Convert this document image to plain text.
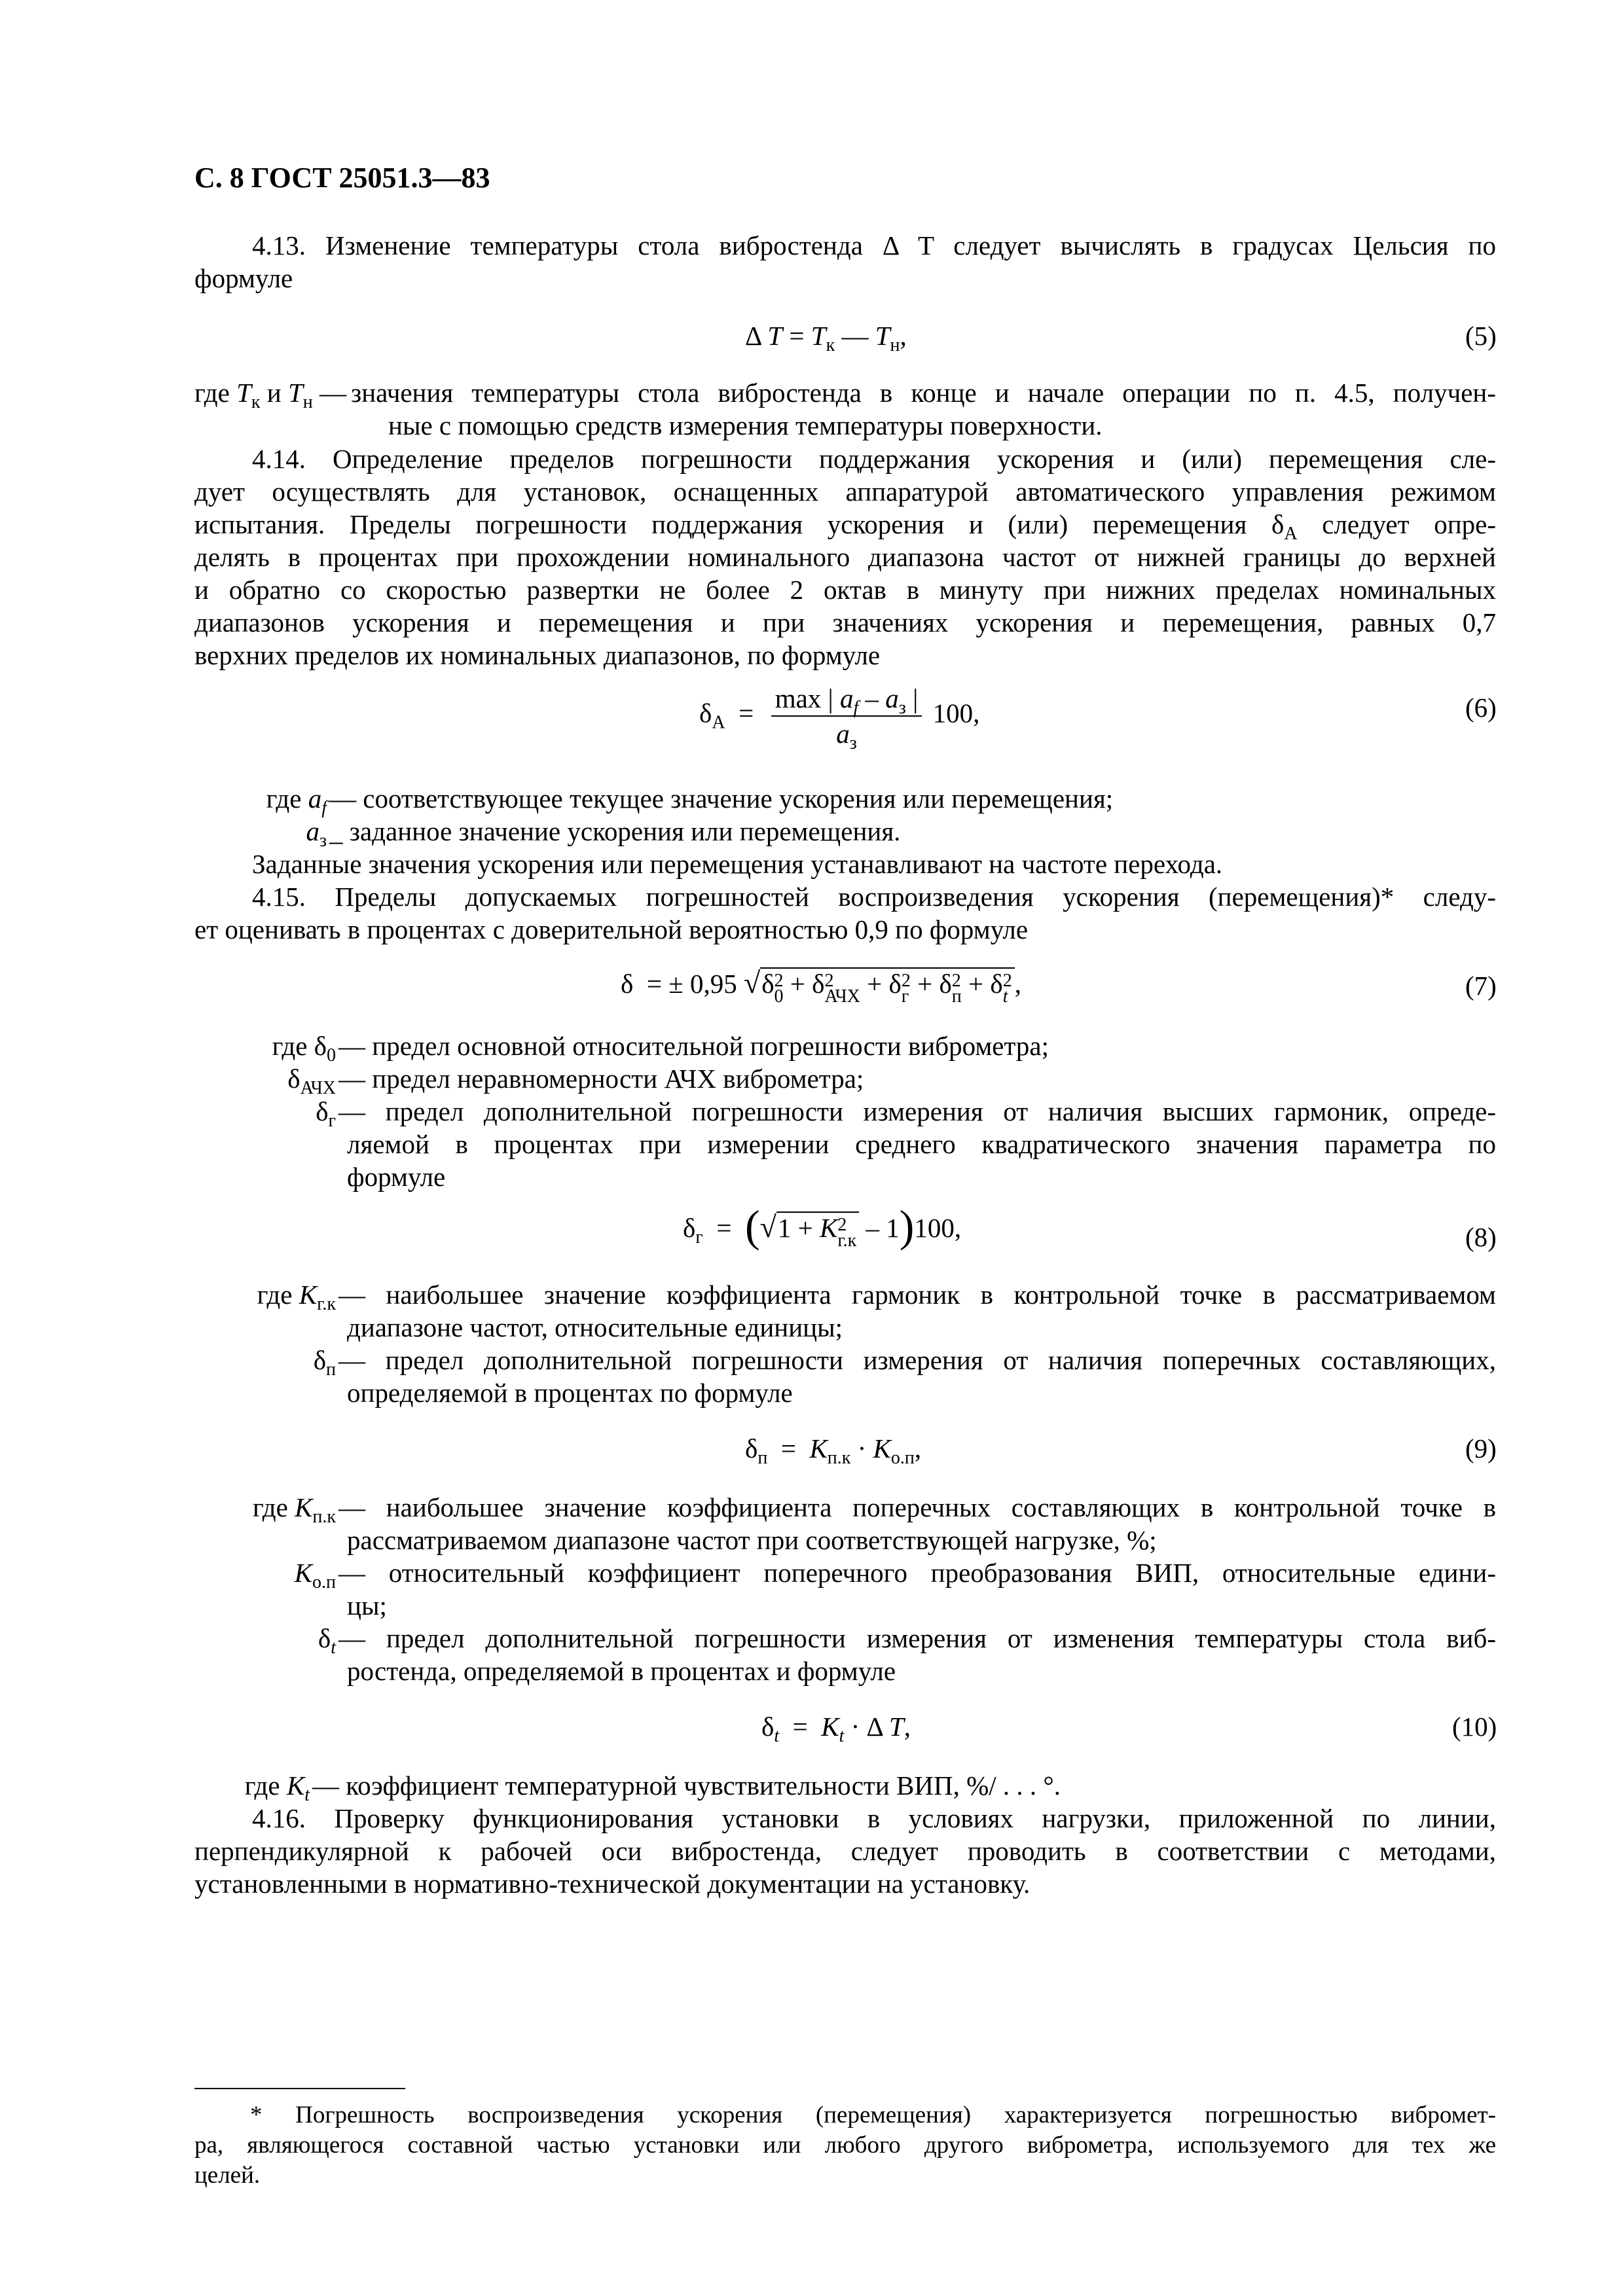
С. 8 ГОСТ 25051.3—83
4.13. Изменение температуры стола вибростенда Δ T следует вычислять в градусах Цельсия по
формуле
Δ $T = T_к$ — $T_н$,	(5)
где $T_к$ и $T_н$ — значения температуры стола вибростенда в конце и начале операции по п. 4.5, получен-
ные с помощью средств измерения температуры поверхности.
4.14. Определение пределов погрешности поддержания ускорения и (или) перемещения сле-
дует осуществлять для установок, оснащенных аппаратурой автоматического управления режимом
испытания. Пределы погрешности поддержания ускорения и (или) перемещения $\delta_А$ следует опре-
делять в процентах при прохождении номинального диапазона частот от нижней границы до верхней
и обратно со скоростью развертки не более 2 октав в минуту при нижних пределах номинальных
диапазонов ускорения и перемещения и при значениях ускорения и перемещения, равных 0,7
верхних пределов их номинальных диапазонов, по формуле
$\delta_А = \frac{\max | a_f - a_з |}{a_з} 100$,	(6)
где $a_f$ — соответствующее текущее значение ускорения или перемещения;
$a_з$ _ заданное значение ускорения или перемещения.
Заданные значения ускорения или перемещения устанавливают на частоте перехода.
4.15. Пределы допускаемых погрешностей воспроизведения ускорения (перемещения)* следу-
ет оценивать в процентах с доверительной вероятностью 0,9 по формуле
δ  = ± 0,95 √δ 2
0 + δ 2
АЧХ + δ 2
г + δ 2
п + δ 2
t ,	(7)
где $\delta_0$ — предел основной относительной погрешности виброметра;
$\delta_{АЧХ}$ — предел неравномерности АЧХ виброметра;
$\delta_г$ — предел дополнительной погрешности измерения от наличия высших гармоник, опреде-
ляемой в процентах при измерении среднего квадратического значения параметра по
формуле
$\delta_г = (√1 + K$ 2
г.к – 1)100,	(8)
где $K_{г.к}$ — наибольшее значение коэффициента гармоник в контрольной точке в рассматриваемом
диапазоне частот, относительные единицы;
$\delta_п$ — предел дополнительной погрешности измерения от наличия поперечных составляющих,
определяемой в процентах по формуле
$\delta_п = K_{п.к} \cdot K_{о.п}$,	(9)
где $K_{п.к}$ — наибольшее значение коэффициента поперечных составляющих в контрольной точке в
рассматриваемом диапазоне частот при соответствующей нагрузке, %;
$K_{о.п}$ — относительный коэффициент поперечного преобразования ВИП, относительные едини-
цы;
$\delta_t$ — предел дополнительной погрешности измерения от изменения температуры стола виб-
ростенда, определяемой в процентах и формуле
$\delta_t = K_t \cdot \Delta$ T,	(10)
где $K_t$ — коэффициент температурной чувствительности ВИП, %/ . . . °.
4.16. Проверку функционирования установки в условиях нагрузки, приложенной по линии,
перпендикулярной к рабочей оси вибростенда, следует проводить в соответствии с методами,
установленными в нормативно-технической документации на установку.
* Погрешность воспроизведения ускорения (перемещения) характеризуется погрешностью вибромет-
ра, являющегося составной частью установки или любого другого виброметра, используемого для тех же
целей.
